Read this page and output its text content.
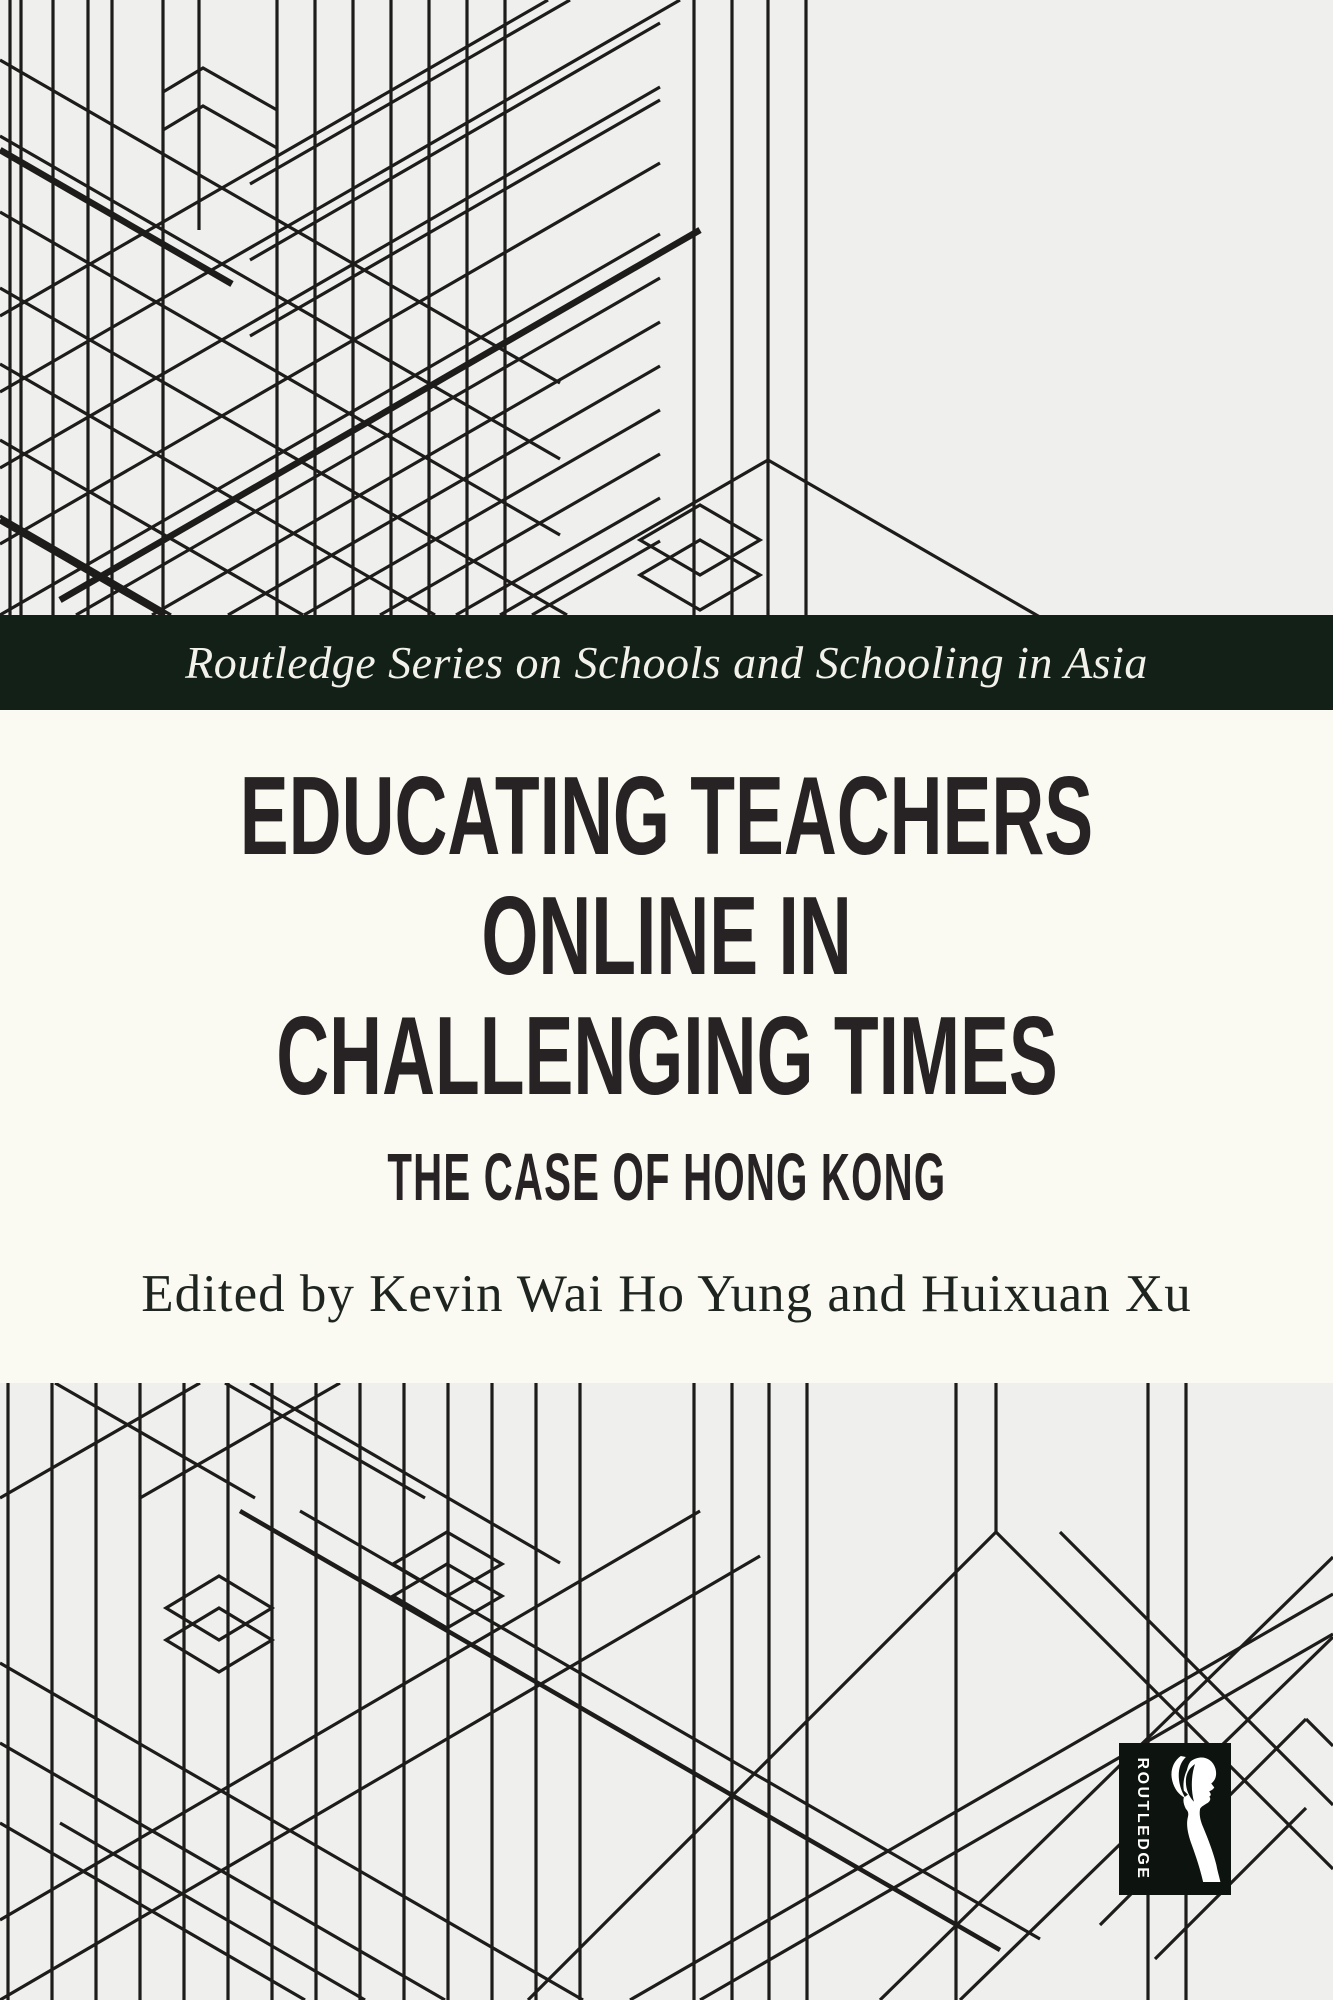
Routledge Series on Schools and Schooling in Asia
EDUCATING TEACHERS
ONLINE IN
CHALLENGING TIMES
THE CASE OF HONG KONG
Edited by Kevin Wai Ho Yung and Huixuan Xu
ROUTLEDGE
